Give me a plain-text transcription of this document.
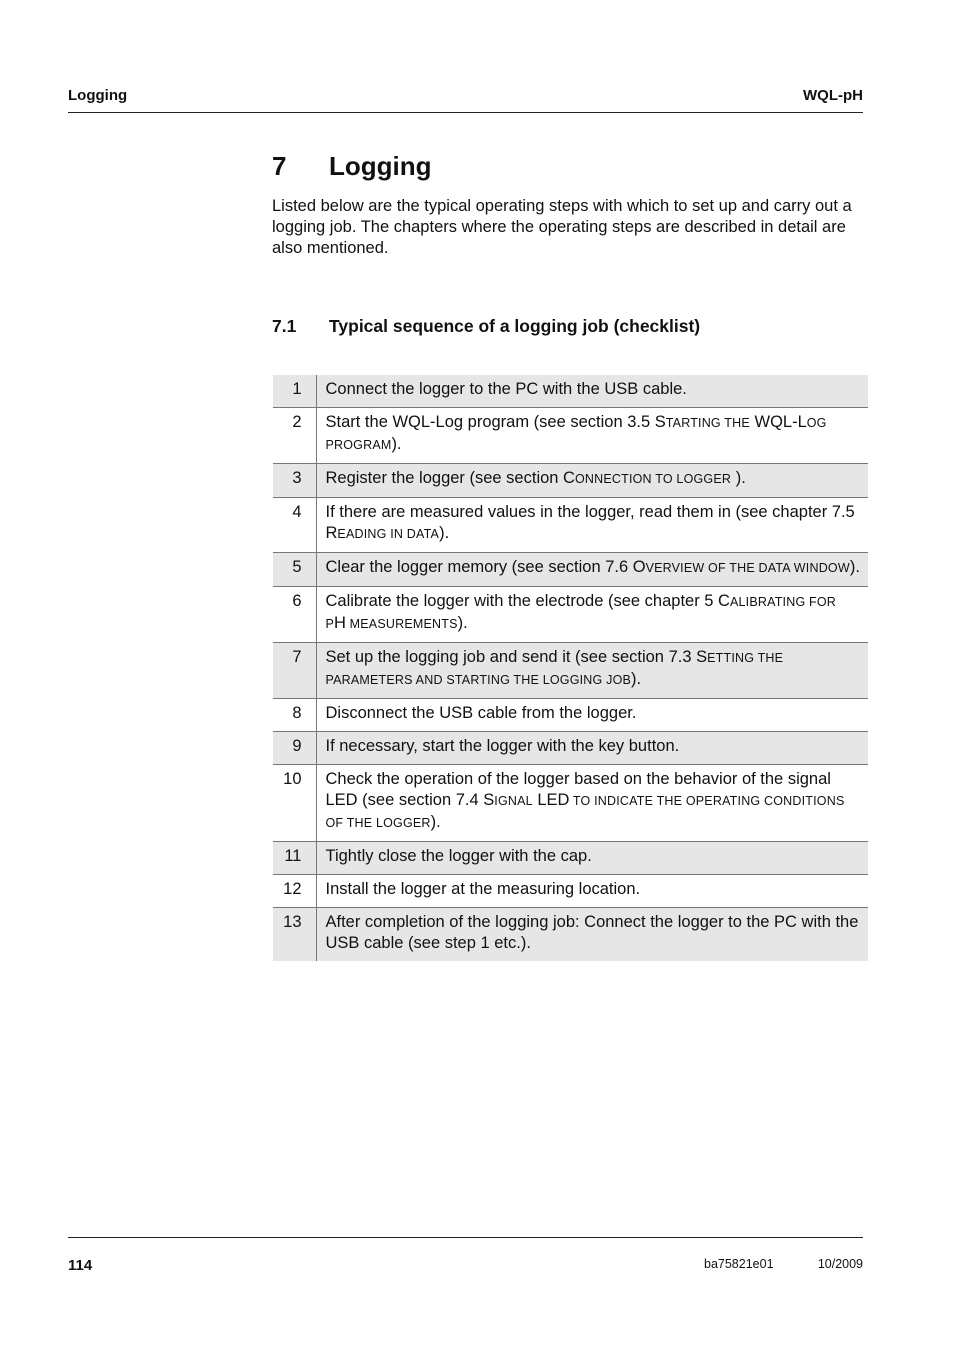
Logging	WQL-pH
7 Logging

Listed below are the typical operating steps with which to set up and carry out a logging job. The chapters where the operating steps are described in detail are also mentioned.

7.1 Typical sequence of a logging job (checklist)
1	Connect the logger to the PC with the USB cable.
2	Start the WQL-Log program (see section 3.5 STARTING THE WQL-LOG PROGRAM).
3	Register the logger (see section CONNECTION TO LOGGER ).
4	If there are measured values in the logger, read them in (see chapter 7.5 READING IN DATA).
5	Clear the logger memory (see section 7.6 OVERVIEW OF THE DATA WINDOW).
6	Calibrate the logger with the electrode (see chapter 5 CALIBRATING FOR PH MEASUREMENTS).
7	Set up the logging job and send it (see section 7.3 SETTING THE PARAMETERS AND STARTING THE LOGGING JOB).
8	Disconnect the USB cable from the logger.
9	If necessary, start the logger with the key button.
10	Check the operation of the logger based on the behavior of the signal LED (see section 7.4 SIGNAL LED TO INDICATE THE OPERATING CONDITIONS OF THE LOGGER).
11	Tightly close the logger with the cap.
12	Install the logger at the measuring location.
13	After completion of the logging job: Connect the logger to the PC with the USB cable (see step 1 etc.).
114	ba75821e01	10/2009
